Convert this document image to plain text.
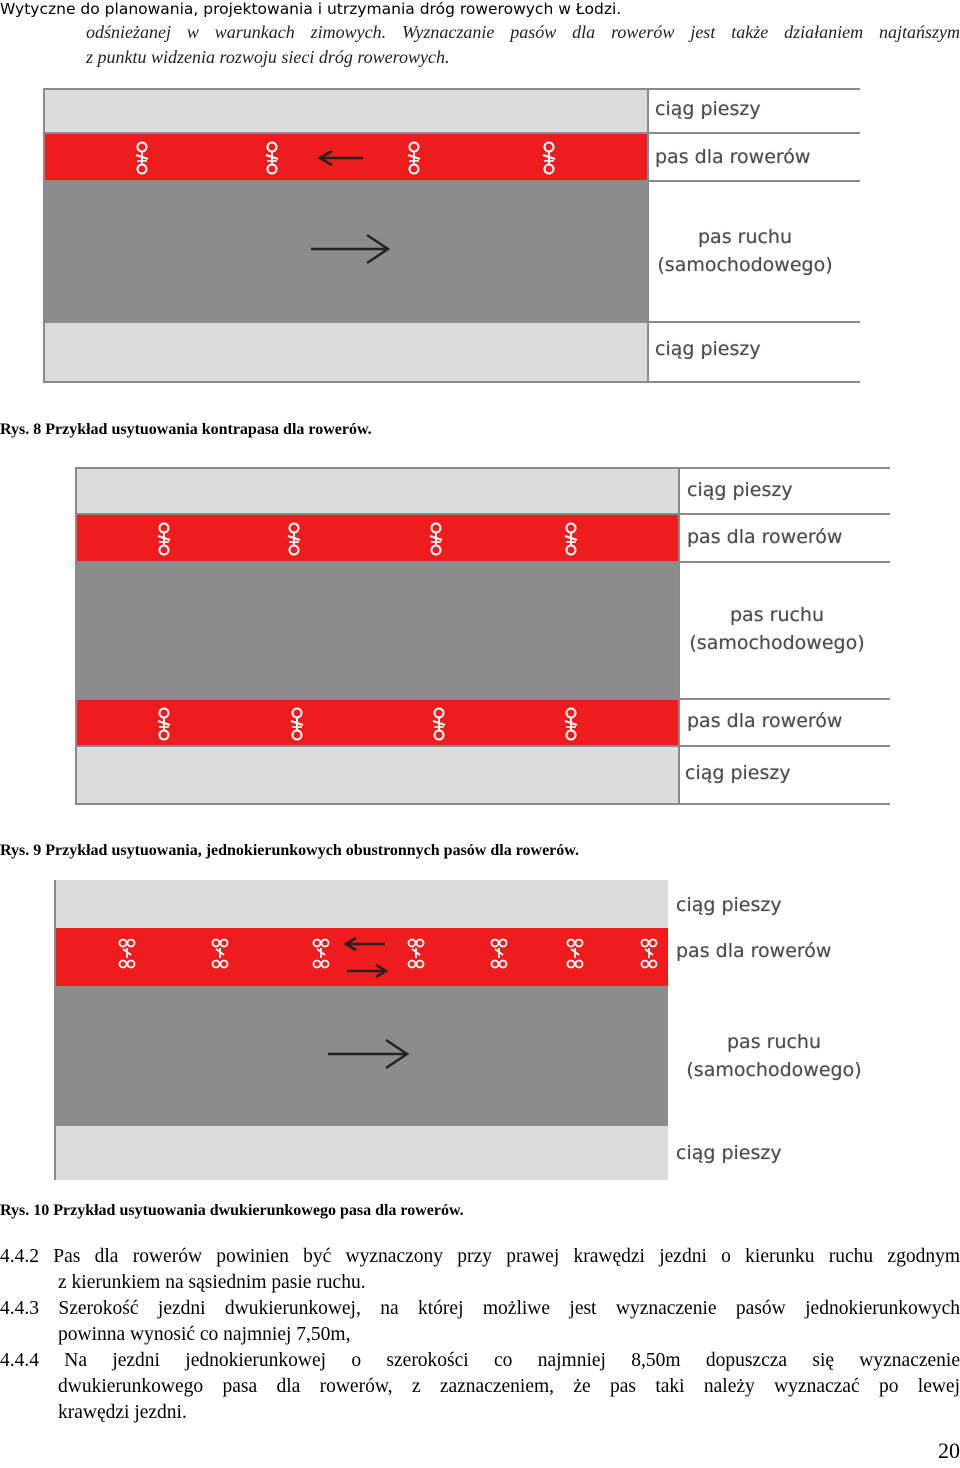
Wytyczne do planowania, projektowania i utrzymania dróg rowerowych w Łodzi.

odśnieżanej w warunkach zimowych. Wyznaczanie pasów dla rowerów jest także działaniem najtańszym

z punktu widzenia rozwoju sieci dróg rowerowych.

ciąg pieszy
pas dla rowerów
pas ruchu
(samochodowego)
ciąg pieszy
Rys. 8 Przykład usytuowania kontrapasa dla rowerów.
ciąg pieszy
pas dla rowerów
pas ruchu
(samochodowego)
pas dla rowerów
ciąg pieszy
Rys. 9 Przykład usytuowania, jednokierunkowych obustronnych pasów dla rowerów.
ciąg pieszy
pas dla rowerów
pas ruchu
(samochodowego)
ciąg pieszy
Rys. 10 Przykład usytuowania dwukierunkowego pasa dla rowerów.
4.4.2 Pas dla rowerów powinien być wyznaczony przy prawej krawędzi jezdni o kierunku ruchu zgodnym
z kierunkiem na sąsiednim pasie ruchu.
4.4.3 Szerokość jezdni dwukierunkowej, na której możliwe jest wyznaczenie pasów jednokierunkowych
powinna wynosić co najmniej 7,50m,
4.4.4 Na jezdni jednokierunkowej o szerokości co najmniej 8,50m dopuszcza się wyznaczenie
dwukierunkowego pasa dla rowerów, z zaznaczeniem, że pas taki należy wyznaczać po lewej
krawędzi jezdni.
20
